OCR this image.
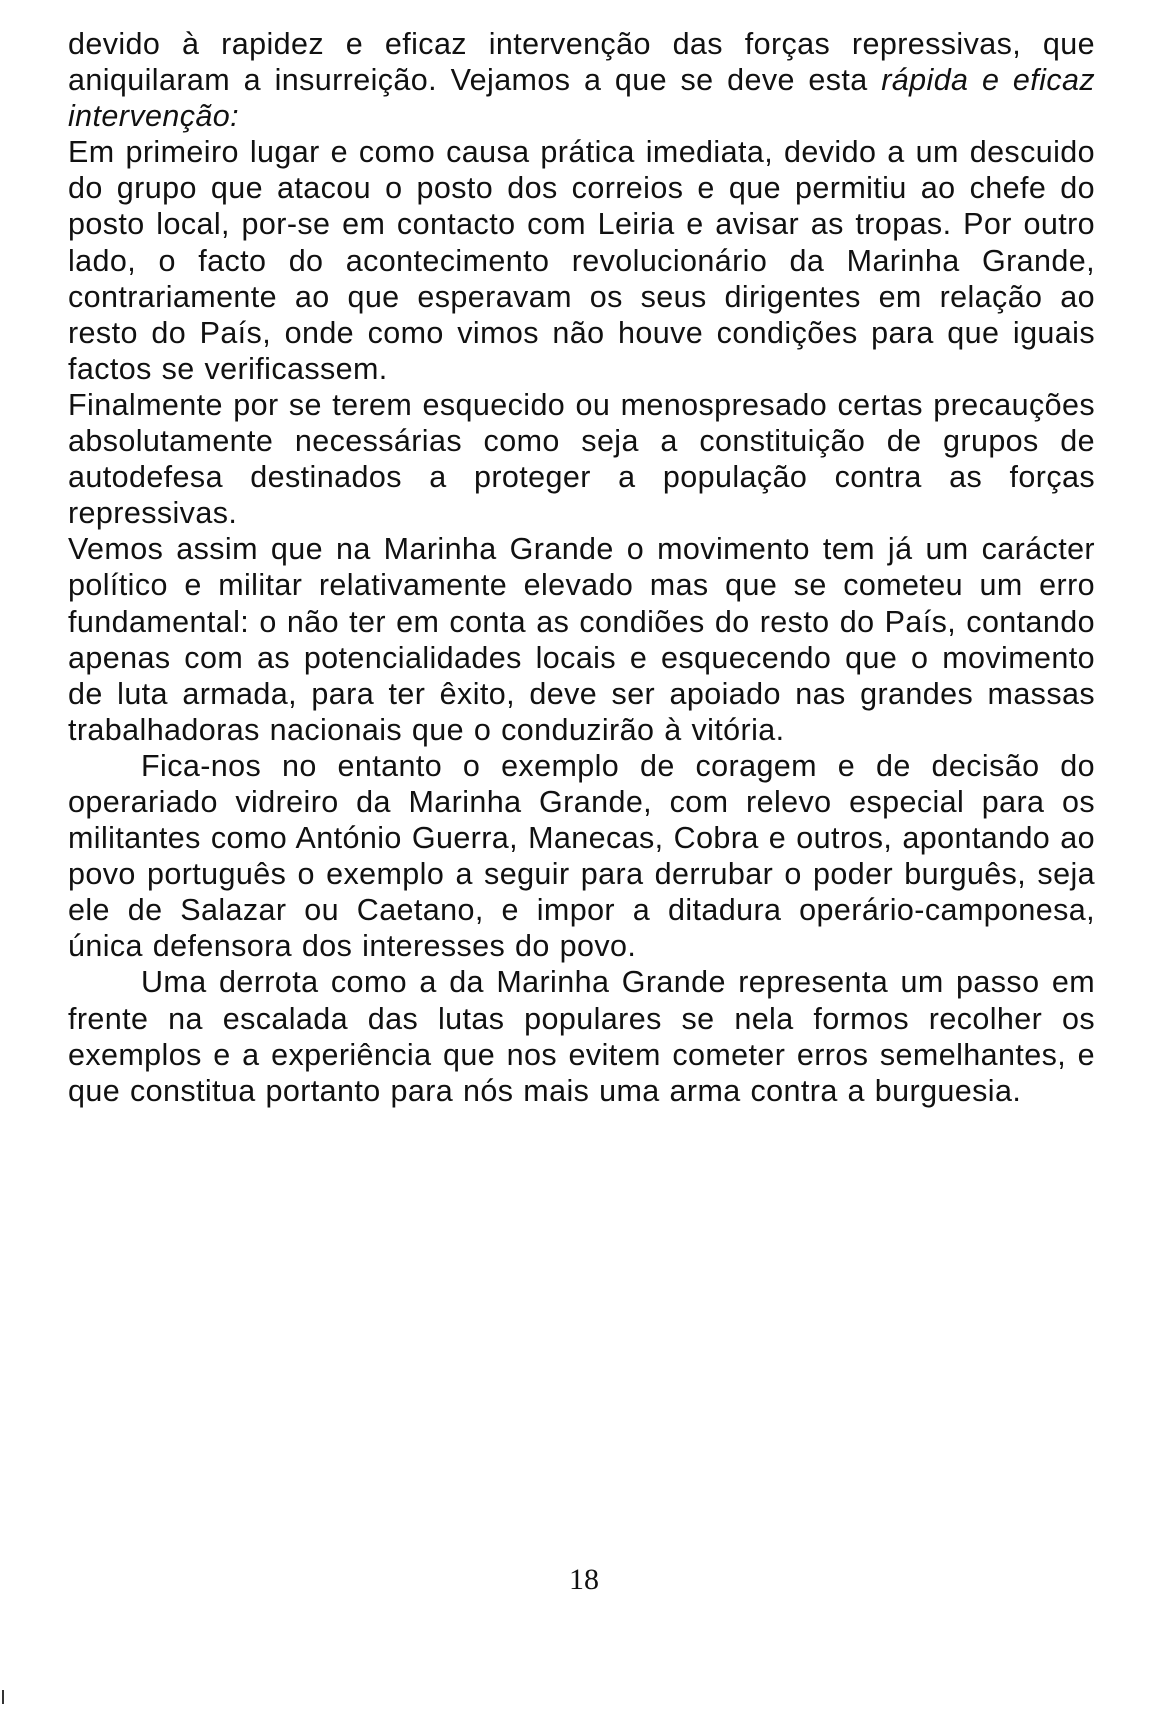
devido à rapidez e eficaz intervenção das forças repressivas, que aniquilaram a insurreição. Vejamos a que se deve esta rápida e eficaz intervenção:

Em primeiro lugar e como causa prática imediata, devido a um descuido do grupo que atacou o posto dos correios e que permitiu ao chefe do posto local, por-se em contacto com Leiria e avisar as tropas. Por outro lado, o facto do acontecimento revolucionário da Marinha Grande, contrariamente ao que esperavam os seus dirigentes em relação ao resto do País, onde como vimos não houve condições para que iguais factos se verificassem.

Finalmente por se terem esquecido ou menospresado certas precauções absolutamente necessárias como seja a constituição de grupos de autodefesa destinados a proteger a população contra as forças repressivas.

Vemos assim que na Marinha Grande o movimento tem já um carácter político e militar relativamente elevado mas que se cometeu um erro fundamental: o não ter em conta as condiões do resto do País, contando apenas com as potencialidades locais e esquecendo que o movimento de luta armada, para ter êxito, deve ser apoiado nas grandes massas trabalhadoras nacionais que o conduzirão à vitória.

Fica-nos no entanto o exemplo de coragem e de decisão do operariado vidreiro da Marinha Grande, com relevo especial para os militantes como António Guerra, Manecas, Cobra e outros, apontando ao povo português o exemplo a seguir para derrubar o poder burguês, seja ele de Salazar ou Caetano, e impor a ditadura operário-camponesa, única defensora dos interesses do povo.

Uma derrota como a da Marinha Grande representa um passo em frente na escalada das lutas populares se nela formos recolher os exemplos e a experiência que nos evitem cometer erros semelhantes, e que constitua portanto para nós mais uma arma contra a burguesia.

18
